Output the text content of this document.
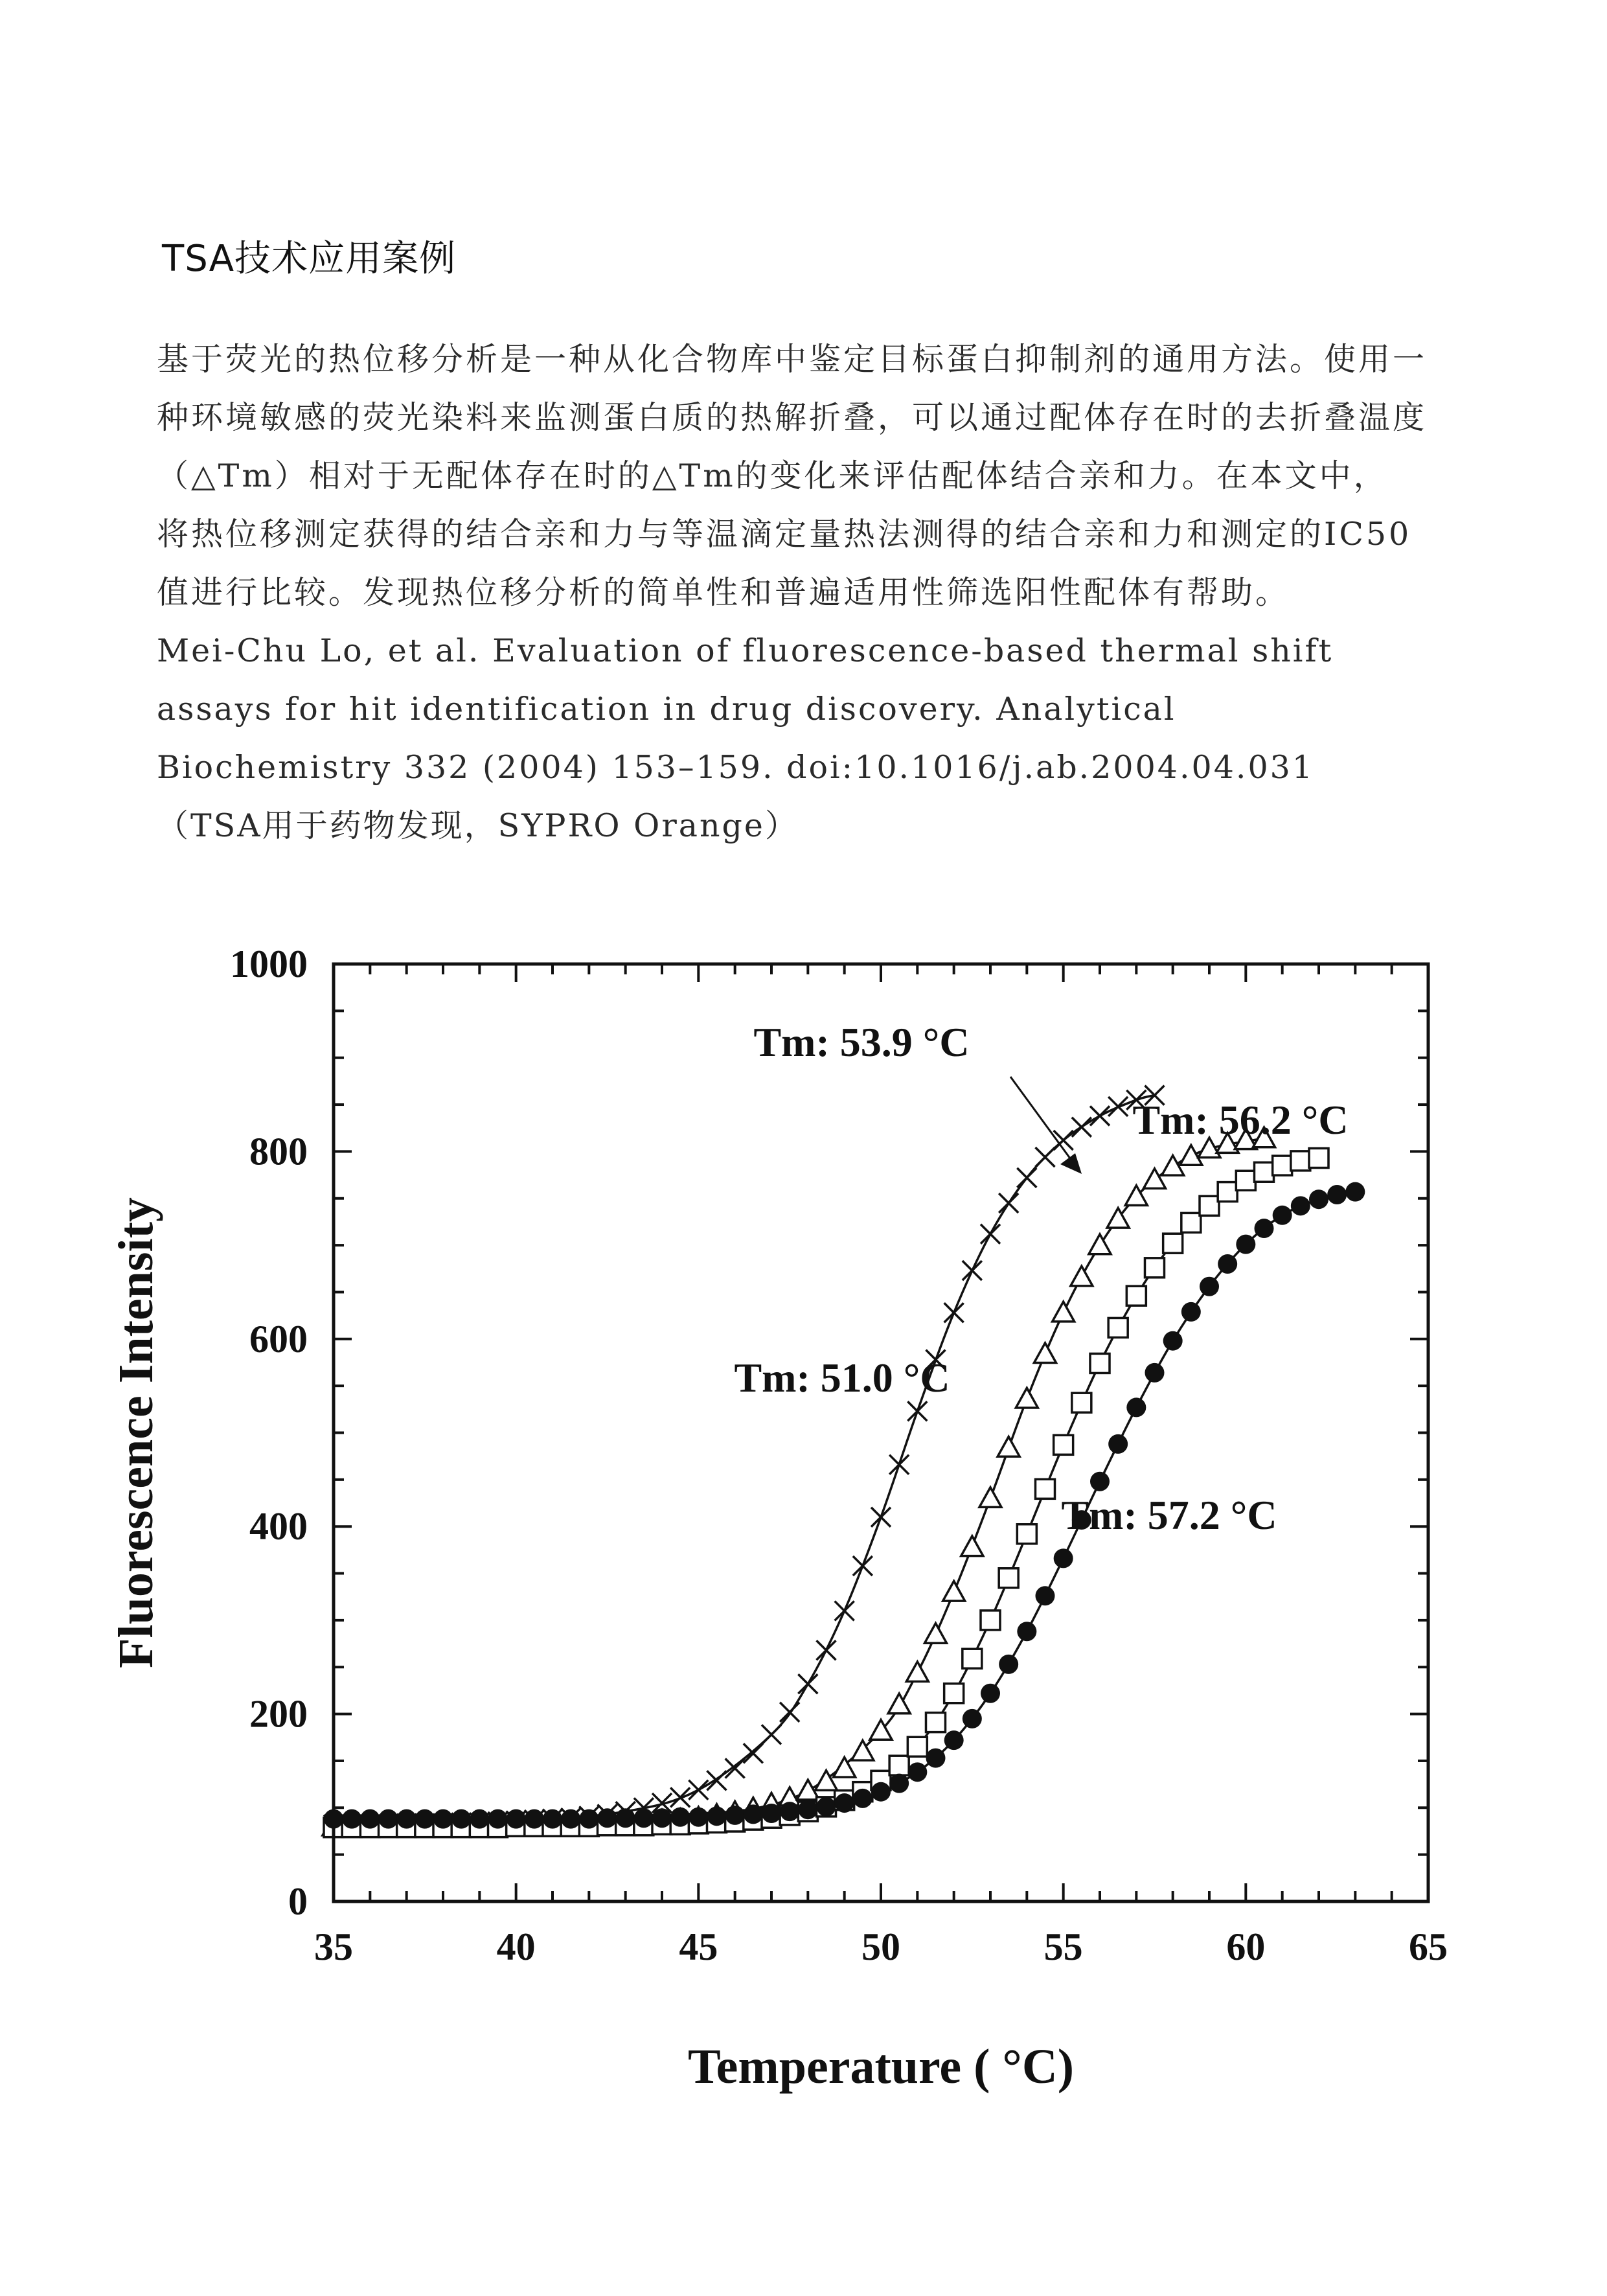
TSA技术应用案例
基于荧光的热位移分析是一种从化合物库中鉴定目标蛋白抑制剂的通用方法。使用一
种环境敏感的荧光染料来监测蛋白质的热解折叠，可以通过配体存在时的去折叠温度
（△Tm）相对于无配体存在时的△Tm的变化来评估配体结合亲和力。在本文中，
将热位移测定获得的结合亲和力与等温滴定量热法测得的结合亲和力和测定的IC50
值进行比较。发现热位移分析的简单性和普遍适用性筛选阳性配体有帮助。
Mei-Chu Lo, et al. Evaluation of fluorescence-based thermal shift
assays for hit identification in drug discovery. Analytical
Biochemistry 332 (2004) 153–159. doi:10.1016/j.ab.2004.04.031
（TSA用于药物发现，SYPRO Orange）
35	40	45	50	55	60	65
0
200
400
600
800
1000
Temperature ( °C)
Fluorescence Intensity	Tm: 51.0 °C
Tm: 53.9 °C
Tm: 56.2 °C
Tm: 57.2 °C
